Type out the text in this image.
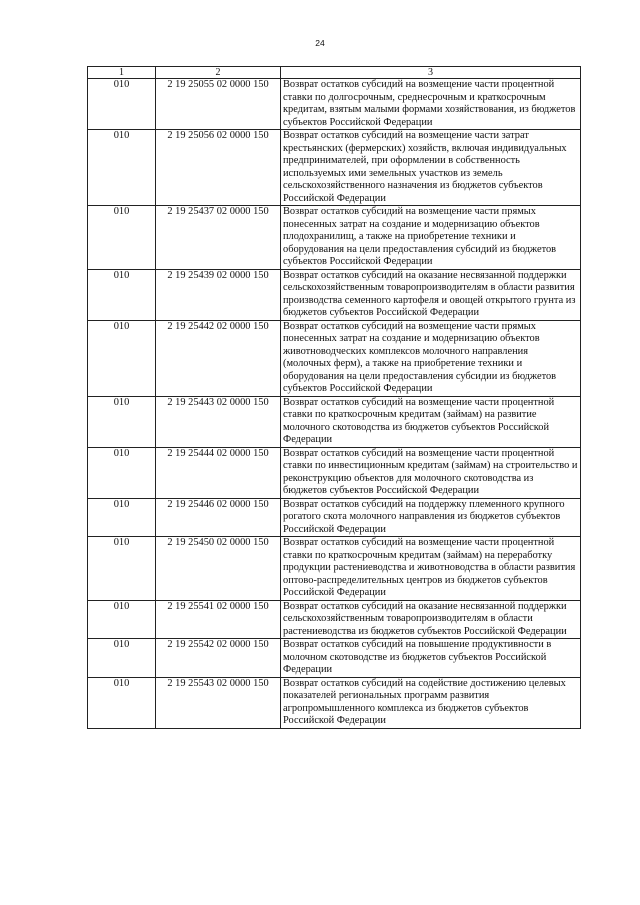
24
1	2	3
010	2 19 25055 02 0000 150	Возврат остатков субсидий на возмещение части процентной ставки по долгосрочным, среднесрочным и краткосрочным кредитам, взятым малыми формами хозяйствования, из бюджетов субъектов Российской Федерации
010	2 19 25056 02 0000 150	Возврат остатков субсидий на возмещение части затрат крестьянских (фермерских) хозяйств, включая индивидуальных предпринимателей, при оформлении в собственность используемых ими земельных участков из земель сельскохозяйственного назначения из бюджетов субъектов Российской Федерации
010	2 19 25437 02 0000 150	Возврат остатков субсидий на возмещение части прямых понесенных затрат на создание и модернизацию объектов плодохранилищ, а также на приобретение техники и оборудования на цели предоставления субсидий из бюджетов субъектов Российской Федерации
010	2 19 25439 02 0000 150	Возврат остатков субсидий на оказание несвязанной поддержки сельскохозяйственным товаропроизводителям в области развития производства семенного картофеля и овощей открытого грунта из бюджетов субъектов Российской Федерации
010	2 19 25442 02 0000 150	Возврат остатков субсидий на возмещение части прямых понесенных затрат на создание и модернизацию объектов животноводческих комплексов молочного направления (молочных ферм), а также на приобретение техники и оборудования на цели предоставления субсидии из бюджетов субъектов Российской Федерации
010	2 19 25443 02 0000 150	Возврат остатков субсидий на возмещение части процентной ставки по краткосрочным кредитам (займам) на развитие молочного скотоводства из бюджетов субъектов Российской Федерации
010	2 19 25444 02 0000 150	Возврат остатков субсидий на возмещение части процентной ставки по инвестиционным кредитам (займам) на строительство и реконструкцию объектов для молочного скотоводства из бюджетов субъектов Российской Федерации
010	2 19 25446 02 0000 150	Возврат остатков субсидий на поддержку племенного крупного рогатого скота молочного направления из бюджетов субъектов Российской Федерации
010	2 19 25450 02 0000 150	Возврат остатков субсидий на возмещение части процентной ставки по краткосрочным кредитам (займам) на переработку продукции растениеводства и животноводства в области развития оптово-распределительных центров из бюджетов субъектов Российской Федерации
010	2 19 25541 02 0000 150	Возврат остатков субсидий на оказание несвязанной поддержки сельскохозяйственным товаропроизводителям в области растениеводства из бюджетов субъектов Российской Федерации
010	2 19 25542 02 0000 150	Возврат остатков субсидий на повышение продуктивности в молочном скотоводстве из бюджетов субъектов Российской Федерации
010	2 19 25543 02 0000 150	Возврат остатков субсидий на содействие достижению целевых показателей региональных программ развития агропромышленного комплекса из бюджетов субъектов Российской Федерации
